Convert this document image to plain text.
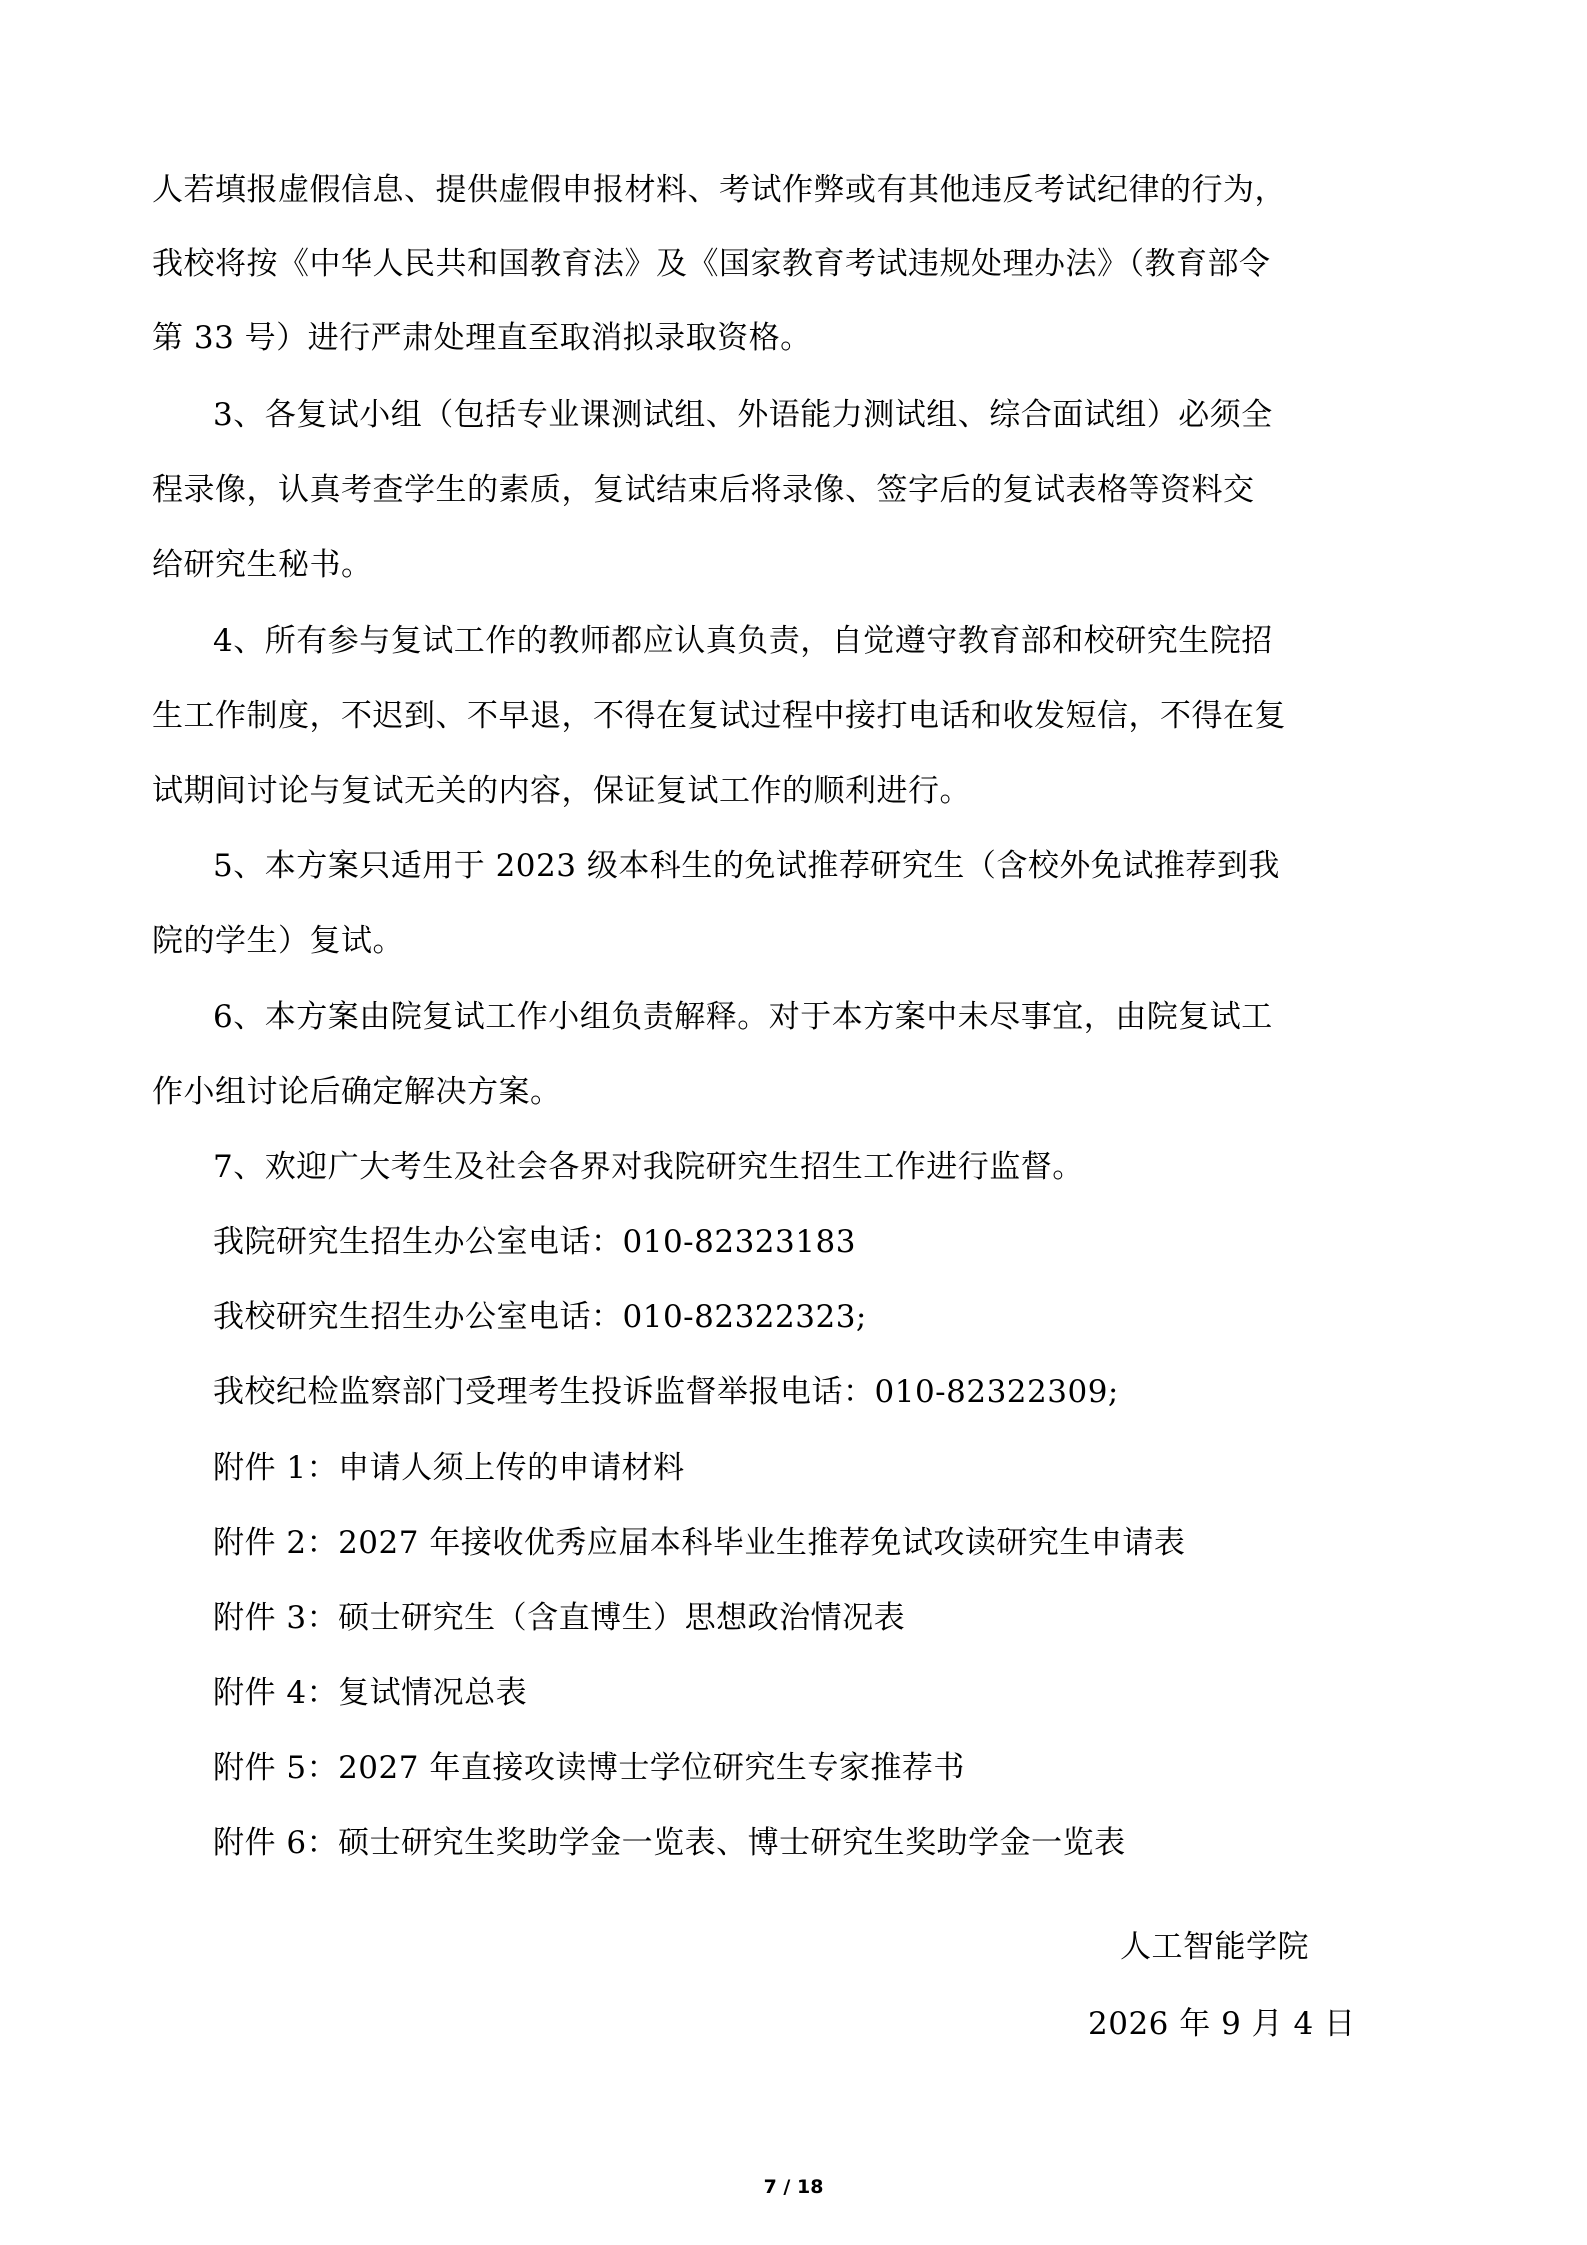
人若填报虚假信息、提供虚假申报材料、考试作弊或有其他违反考试纪律的行为，
我校将按《中华人民共和国教育法》及《国家教育考试违规处理办法》（教育部令
第 33 号）进行严肃处理直至取消拟录取资格。
3、各复试小组（包括专业课测试组、外语能力测试组、综合面试组）必须全
程录像，认真考查学生的素质，复试结束后将录像、签字后的复试表格等资料交
给研究生秘书。
4、所有参与复试工作的教师都应认真负责，自觉遵守教育部和校研究生院招
生工作制度，不迟到、不早退，不得在复试过程中接打电话和收发短信，不得在复
试期间讨论与复试无关的内容，保证复试工作的顺利进行。
5、本方案只适用于 2023 级本科生的免试推荐研究生（含校外免试推荐到我
院的学生）复试。
6、本方案由院复试工作小组负责解释。对于本方案中未尽事宜，由院复试工
作小组讨论后确定解决方案。
7、欢迎广大考生及社会各界对我院研究生招生工作进行监督。
我院研究生招生办公室电话：010-82323183
我校研究生招生办公室电话：010-82322323;
我校纪检监察部门受理考生投诉监督举报电话：010-82322309;
附件 1：申请人须上传的申请材料
附件 2：2027 年接收优秀应届本科毕业生推荐免试攻读研究生申请表
附件 3：硕士研究生（含直博生）思想政治情况表
附件 4：复试情况总表
附件 5：2027 年直接攻读博士学位研究生专家推荐书
附件 6：硕士研究生奖助学金一览表、博士研究生奖助学金一览表
人工智能学院
2026 年 9 月 4 日
7 / 18
